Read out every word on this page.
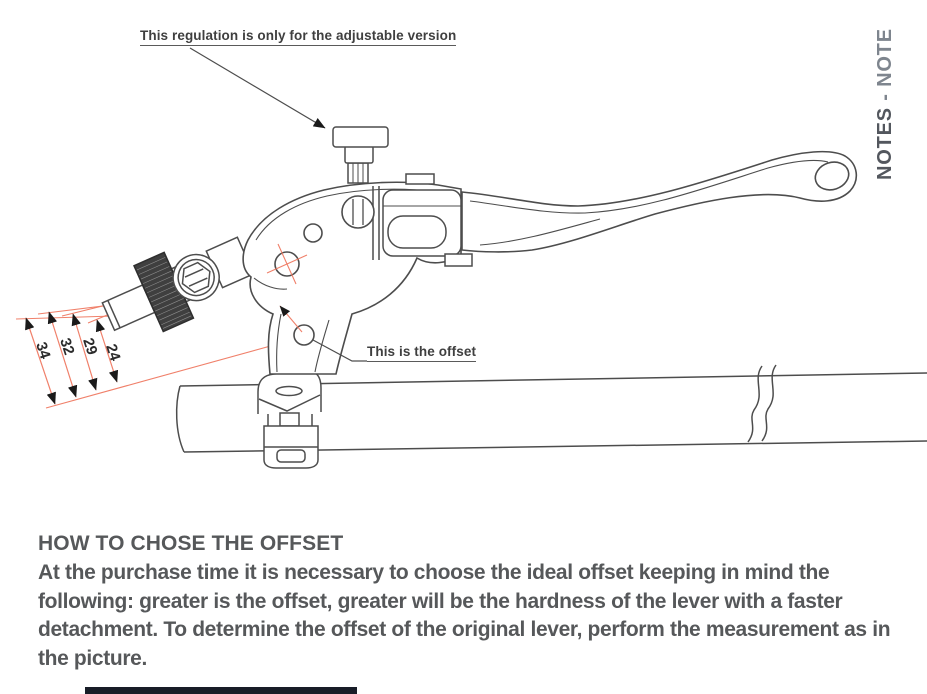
34 32 29 24
This regulation is only for the adjustable version
This is the offset
NOTES - NOTE
HOW TO CHOSE THE OFFSET

At the purchase time it is necessary to choose the ideal offset keeping in mind the following: greater is the offset, greater will be the hardness of the lever with a faster detachment. To determine the offset of the original lever, perform the measurement as in the picture.
